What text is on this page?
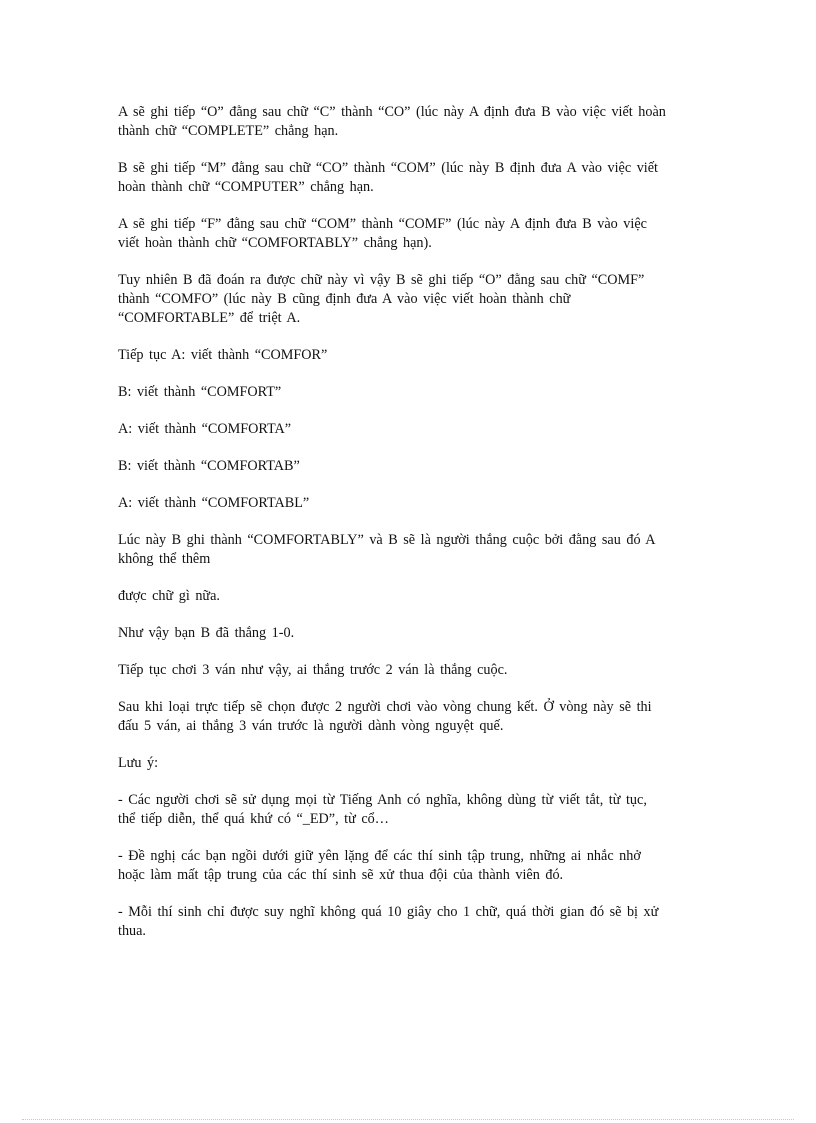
A sẽ ghi tiếp “O” đằng sau chữ “C” thành “CO” (lúc này A định đưa B vào việc viết hoàn
thành chữ “COMPLETE” chẳng hạn.

B sẽ ghi tiếp “M” đằng sau chữ “CO” thành “COM” (lúc này B định đưa A vào việc viết
hoàn thành chữ “COMPUTER” chẳng hạn.

A sẽ ghi tiếp “F” đằng sau chữ “COM” thành “COMF” (lúc này A định đưa B vào việc
viết hoàn thành chữ “COMFORTABLY” chẳng hạn).

Tuy nhiên B đã đoán ra được chữ này vì vậy B sẽ ghi tiếp “O” đằng sau chữ “COMF”
thành “COMFO” (lúc này B cũng định đưa A vào việc viết hoàn thành chữ
“COMFORTABLE” để triệt A.

Tiếp tục A: viết thành “COMFOR”

B: viết thành “COMFORT”

A: viết thành “COMFORTA”

B: viết thành “COMFORTAB”

A: viết thành “COMFORTABL”

Lúc này B ghi thành “COMFORTABLY” và B sẽ là người thắng cuộc bởi đằng sau đó A
không thể thêm

được chữ gì nữa.

Như vậy bạn B đã thắng 1-0.

Tiếp tục chơi 3 ván như vậy, ai thắng trước 2 ván là thắng cuộc.

Sau khi loại trực tiếp sẽ chọn được 2 người chơi vào vòng chung kết. Ở vòng này sẽ thi
đấu 5 ván, ai thắng 3 ván trước là người dành vòng nguyệt quế.

Lưu ý:

- Các người chơi sẽ sử dụng mọi từ Tiếng Anh có nghĩa, không dùng từ viết tắt, từ tục,
thể tiếp diễn, thể quá khứ có “_ED”, từ cổ…

- Đề nghị các bạn ngồi dưới giữ yên lặng để các thí sinh tập trung, những ai nhắc nhở
hoặc làm mất tập trung của các thí sinh sẽ xử thua đội của thành viên đó.

- Mỗi thí sinh chỉ được suy nghĩ không quá 10 giây cho 1 chữ, quá thời gian đó sẽ bị xử
thua.
